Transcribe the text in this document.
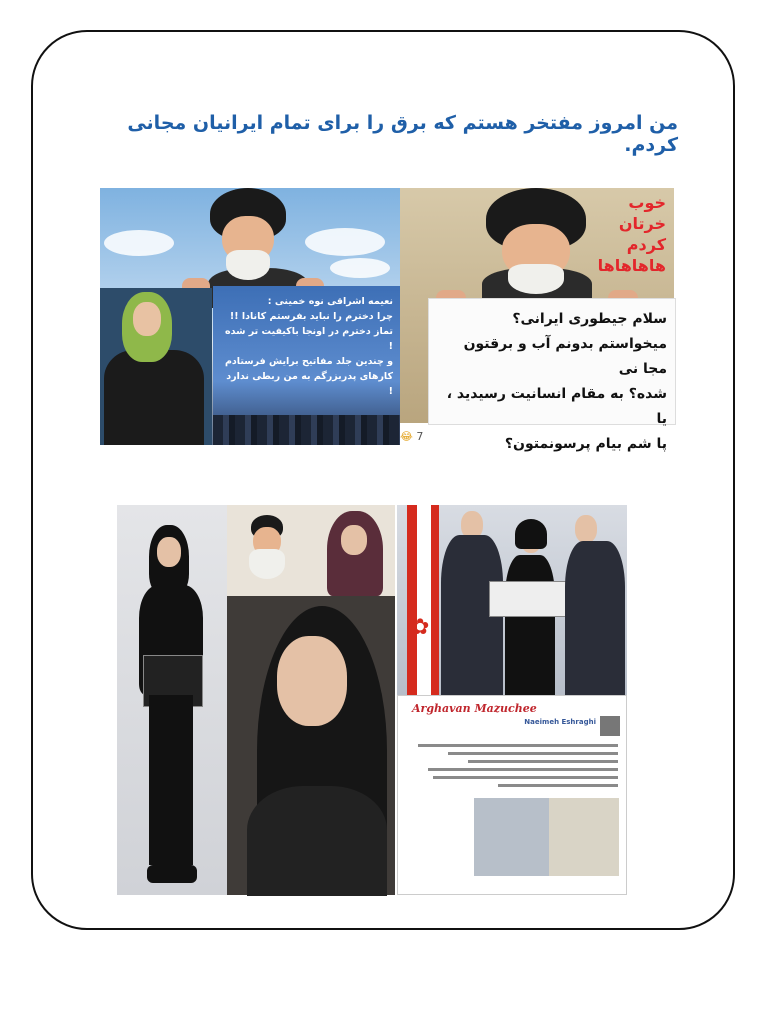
من امروز مفتخر هستم که برق را برای تمام ایرانیان مجانی کردم.
نعیمه اشراقی نوه خمینی :
چرا دخترم را نباید بفرستم کانادا !!
تماز دخترم در اونجا باکیفیت تر شده !
و چندین جلد مفاتیح برایش فرستادم
کارهای پدربزرگم به من ربطی ندارد !
خوب
خرتان
کردم
هاهاهاها
سلام جیطوری ایرانی؟
میخواستم بدونم آب و برقتون مجا نی
شده؟ به مقام انسانیت رسیدید ، یا
پا شم بیام پرسونمتون؟
😂 7
✿
Arghavan Mazuchee
Naeimeh Eshraghi
